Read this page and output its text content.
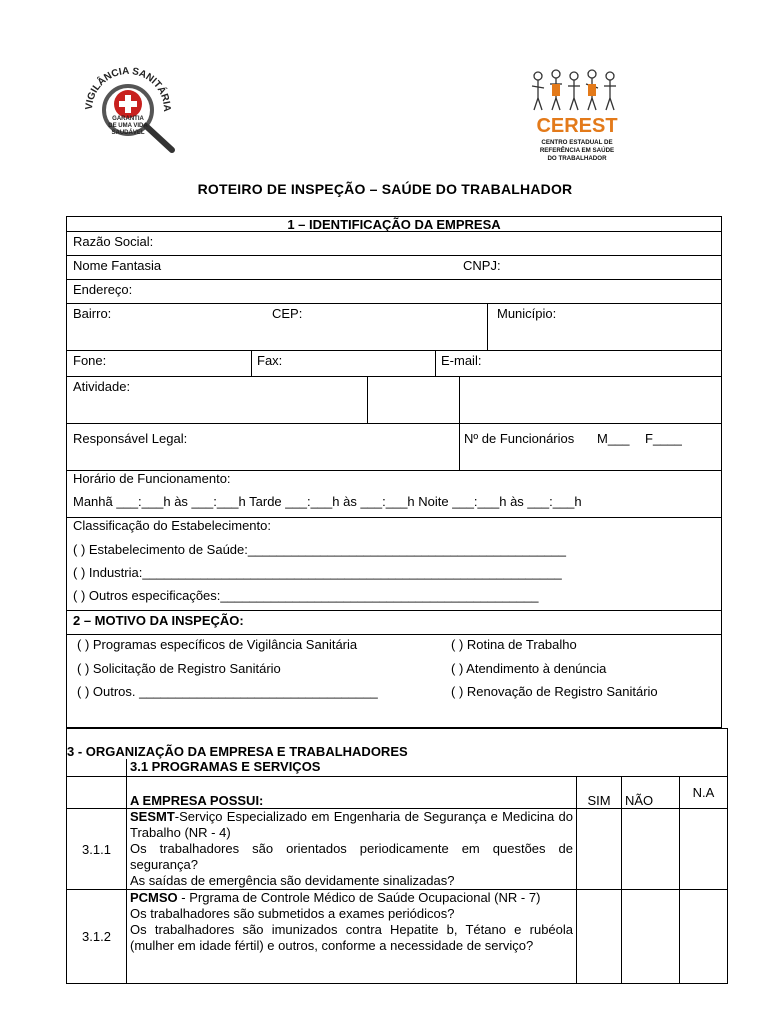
VIGILÂNCIA SANITÁRIA
GARANTIA
DE UMA VIDA
SAUDÁVEL	CEREST
CENTRO ESTADUAL DE
REFERÊNCIA EM SAÚDE
DO TRABALHADOR
ROTEIRO DE INSPEÇÃO – SAÚDE DO TRABALHADOR
1 – IDENTIFICAÇÃO DA EMPRESA
Razão Social:
Nome Fantasia	CNPJ:
Endereço:
Bairro:	CEP:	Município:
Fone:	Fax:	E-mail:
Atividade:
Responsável Legal:	Nº de Funcionários M___ F____
Horário de Funcionamento:
Manhã ___:___h às ___:___h Tarde ___:___h às ___:___h Noite ___:___h às ___:___h
Classificação do Estabelecimento:
( ) Estabelecimento de Saúde:____________________________________________
( ) Industria:__________________________________________________________
( ) Outros especificações:____________________________________________
2 – MOTIVO DA INSPEÇÃO:
( ) Programas específicos de Vigilância Sanitária
( ) Solicitação de Registro Sanitário
( ) Outros. _________________________________
( ) Rotina de Trabalho
( ) Atendimento à denúncia
( ) Renovação de Registro Sanitário
3 - ORGANIZAÇÃO DA EMPRESA E TRABALHADORES				
	3.1 PROGRAMAS E SERVIÇOS			
	A EMPRESA POSSUI:	SIM	NÃO	N.A
3.1.1	SESMT-Serviço Especializado em Engenharia de Segurança e Medicina do Trabalho (NR - 4)
Os trabalhadores são orientados periodicamente em questões de segurança?
As saídas de emergência são devidamente sinalizadas?			
3.1.2	PCMSO - Prgrama de Controle Médico de Saúde Ocupacional (NR - 7)
Os trabalhadores são submetidos a exames periódicos?
Os trabalhadores são imunizados contra Hepatite b, Tétano e rubéola (mulher em idade fértil) e outros, conforme a necessidade de serviço?			
